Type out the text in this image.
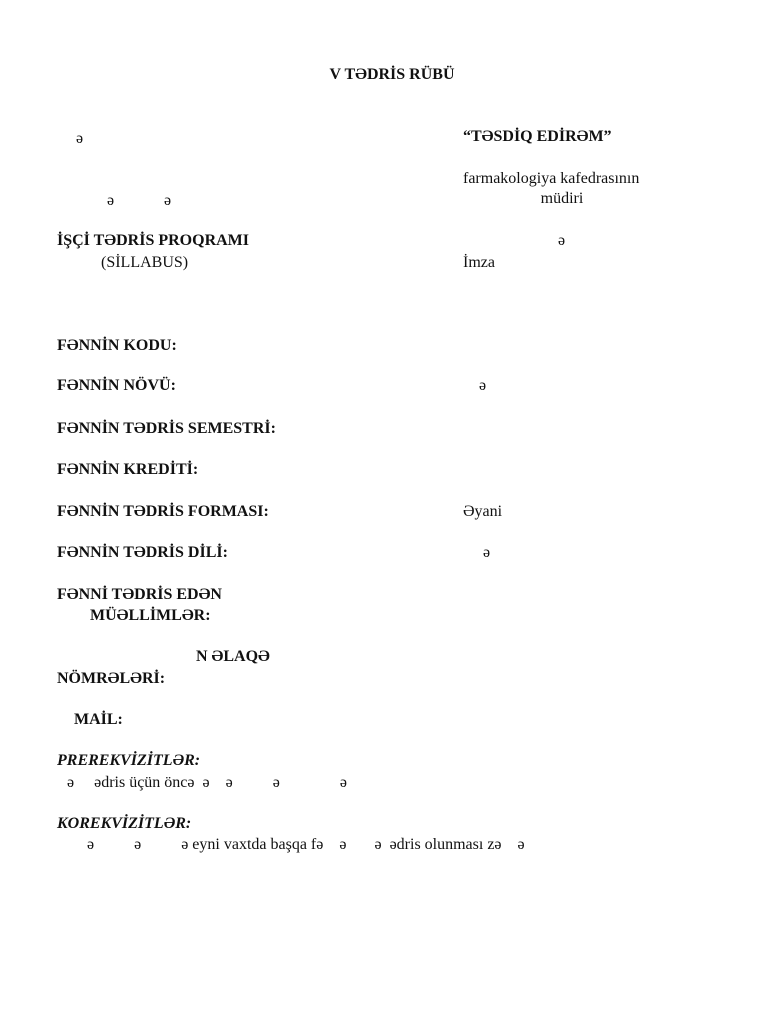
V TƏDRİS RÜBÜ
ə
ə	ə
İŞÇİ TƏDRİS PROQRAMI
(SİLLABUS)
“TƏSDİQ EDİRƏM”
farmakologiya kafedrasının
müdiri
ə
İmza
FƏNNİN KODU:
FƏNNİN NÖVÜ:	ə
FƏNNİN TƏDRİS SEMESTRİ:
FƏNNİN KREDİTİ:
FƏNNİN TƏDRİS FORMASI:	Əyani
FƏNNİN TƏDRİS DİLİ:	ə
FƏNNİ TƏDRİS EDƏN
MÜƏLLİMLƏR:
N ƏLAQƏ
NÖMRƏLƏRİ:
MAİL:
PREREKVİZİTLƏR:
ə     ədris üçün öncə  ə    ə          ə               ə
KOREKVİZİTLƏR:
ə          ə          ə eyni vaxtda başqa fə    ə       ə  ədris olunması zə    ə
